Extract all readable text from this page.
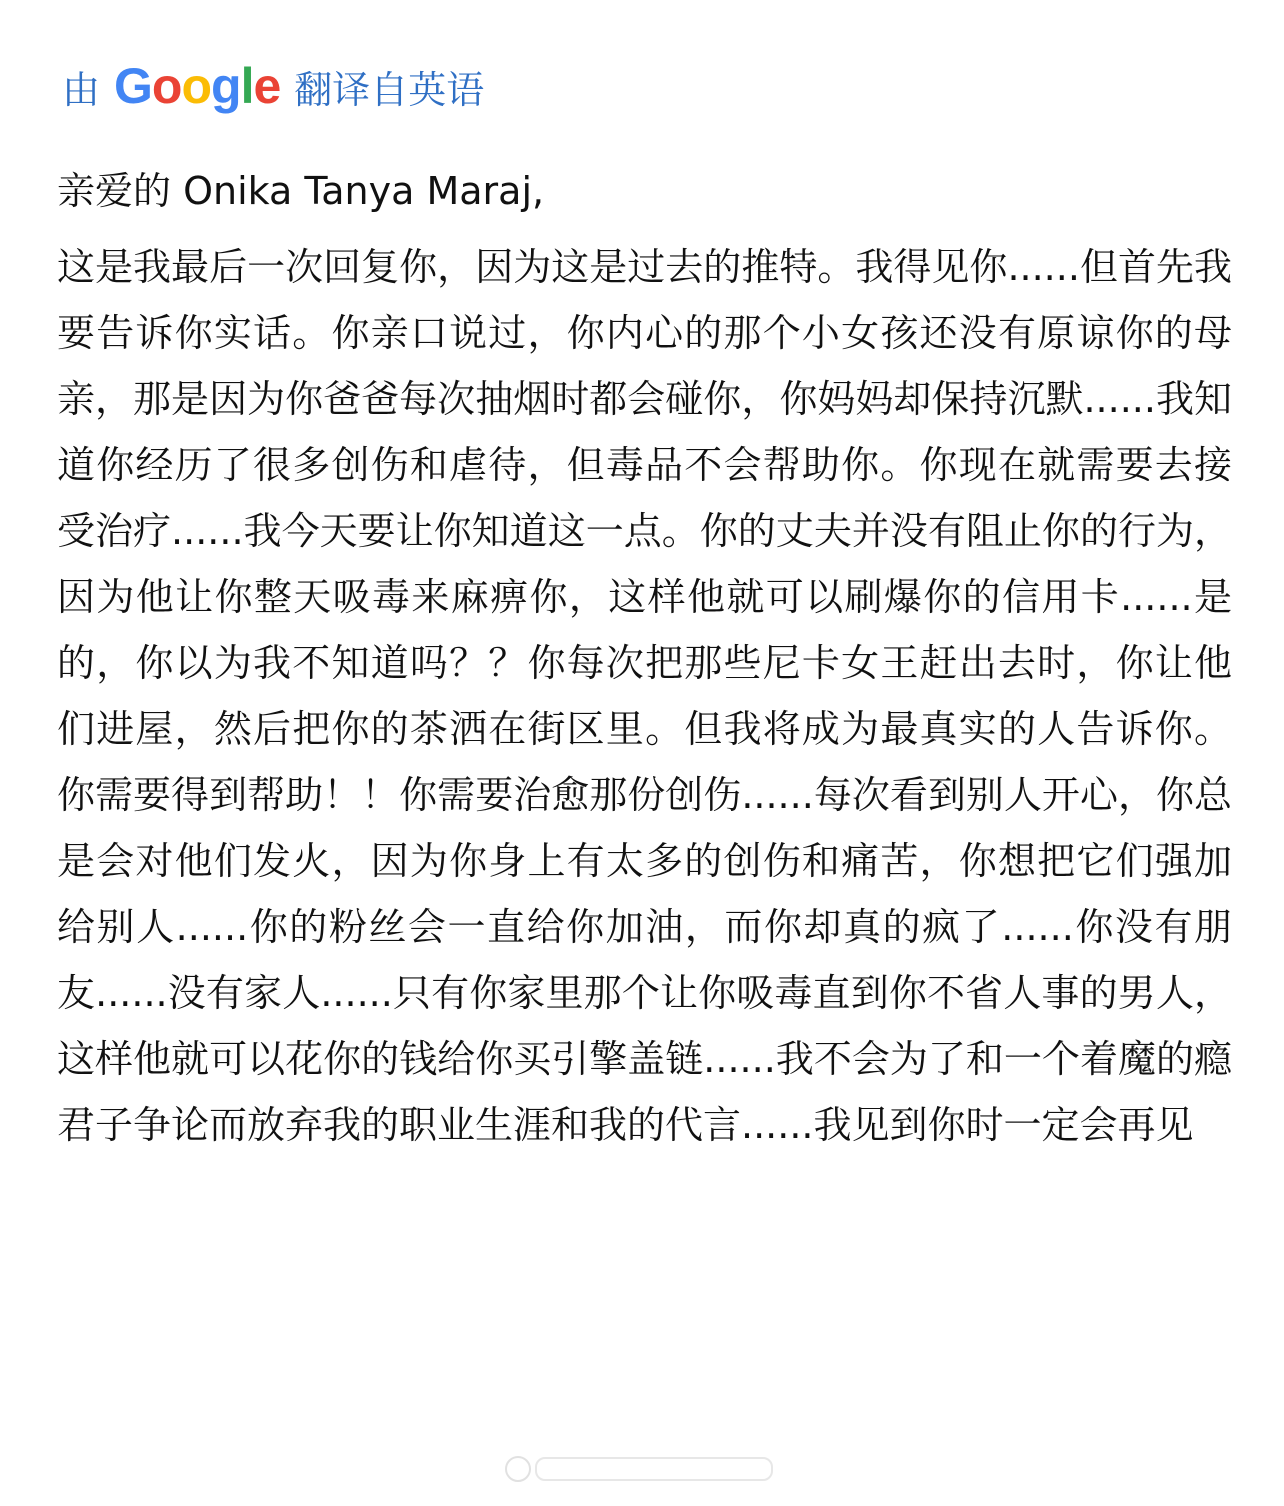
由 Google 翻译自英语

亲爱的 Onika Tanya Maraj,

这是我最后一次回复你，因为这是过去的推特。我得见你......但首先我要告诉你实话。你亲口说过，你内心的那个小女孩还没有原谅你的母亲，那是因为你爸爸每次抽烟时都会碰你，你妈妈却保持沉默......我知道你经历了很多创伤和虐待，但毒品不会帮助你。你现在就需要去接受治疗......我今天要让你知道这一点。你的丈夫并没有阻止你的行为，因为他让你整天吸毒来麻痹你，这样他就可以刷爆你的信用卡......是的，你以为我不知道吗？？你每次把那些尼卡女王赶出去时，你让他们进屋，然后把你的茶洒在街区里。但我将成为最真实的人告诉你。你需要得到帮助！！你需要治愈那份创伤......每次看到别人开心，你总是会对他们发火，因为你身上有太多的创伤和痛苦，你想把它们强加给别人......你的粉丝会一直给你加油，而你却真的疯了......你没有朋友......没有家人......只有你家里那个让你吸毒直到你不省人事的男人，这样他就可以花你的钱给你买引擎盖链......我不会为了和一个着魔的瘾君子争论而放弃我的职业生涯和我的代言......我见到你时一定会再见
